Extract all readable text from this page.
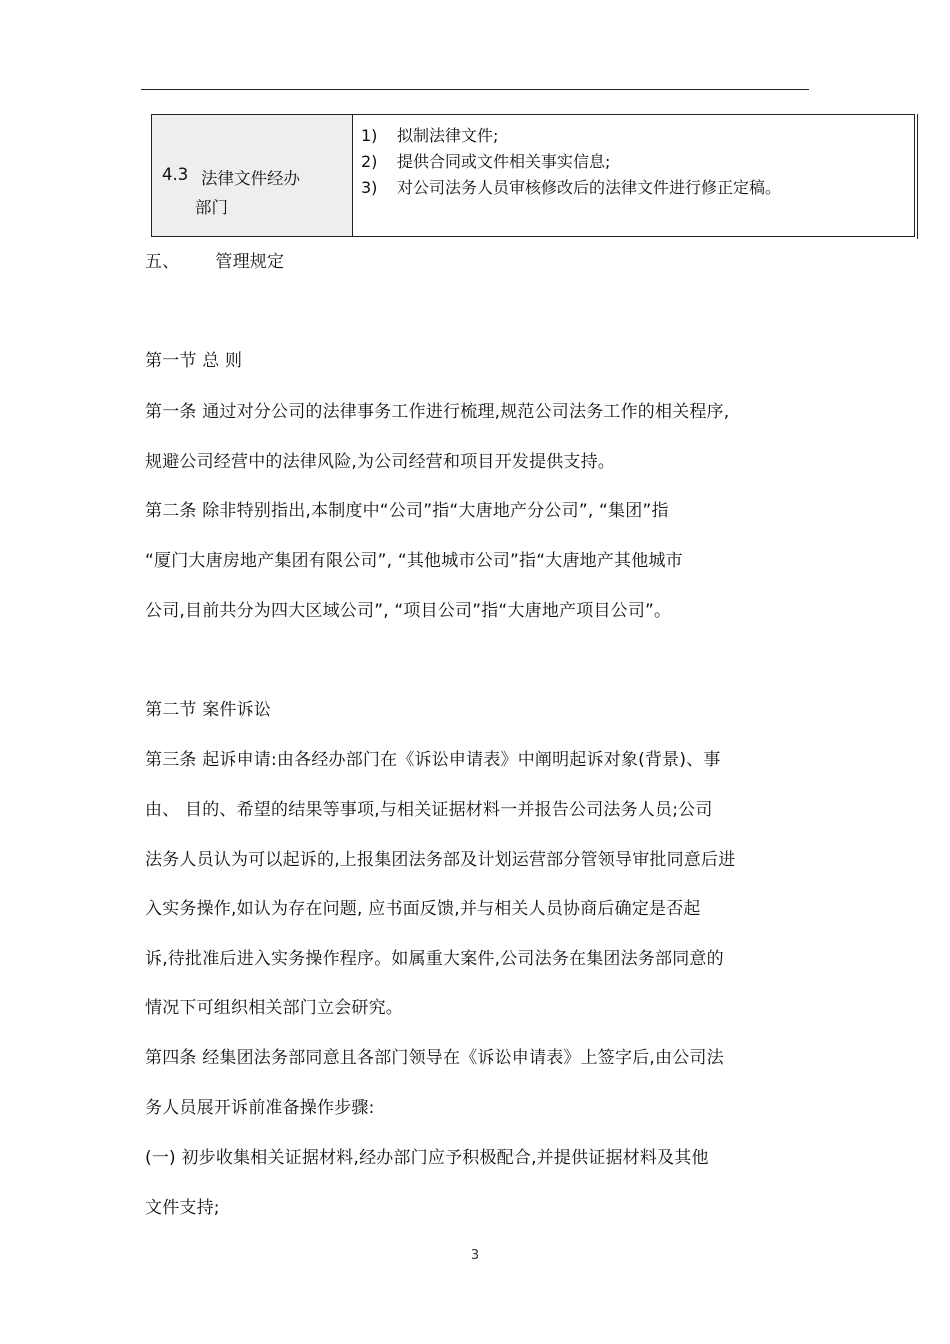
4.3 法律文件经办
部门
1) 拟制法律文件;
2) 提供合同或文件相关事实信息;
3) 对公司法务人员审核修改后的法律文件进行修正定稿。
五、 管理规定
第一节 总 则
第一条 通过对分公司的法律事务工作进行梳理,规范公司法务工作的相关程序,
规避公司经营中的法律风险,为公司经营和项目开发提供支持。
第二条 除非特别指出,本制度中“公司”指“大唐地产分公司”, “集团”指
“厦门大唐房地产集团有限公司”, “其他城市公司”指“大唐地产其他城市
公司,目前共分为四大区域公司”, “项目公司”指“大唐地产项目公司”。
第二节 案件诉讼
第三条 起诉申请:由各经办部门在《诉讼申请表》中阐明起诉对象(背景)、事
由、 目的、希望的结果等事项,与相关证据材料一并报告公司法务人员;公司
法务人员认为可以起诉的,上报集团法务部及计划运营部分管领导审批同意后进
入实务操作,如认为存在问题, 应书面反馈,并与相关人员协商后确定是否起
诉,待批准后进入实务操作程序。如属重大案件,公司法务在集团法务部同意的
情况下可组织相关部门立会研究。
第四条 经集团法务部同意且各部门领导在《诉讼申请表》上签字后,由公司法
务人员展开诉前准备操作步骤:
(一) 初步收集相关证据材料,经办部门应予积极配合,并提供证据材料及其他
文件支持;
3
